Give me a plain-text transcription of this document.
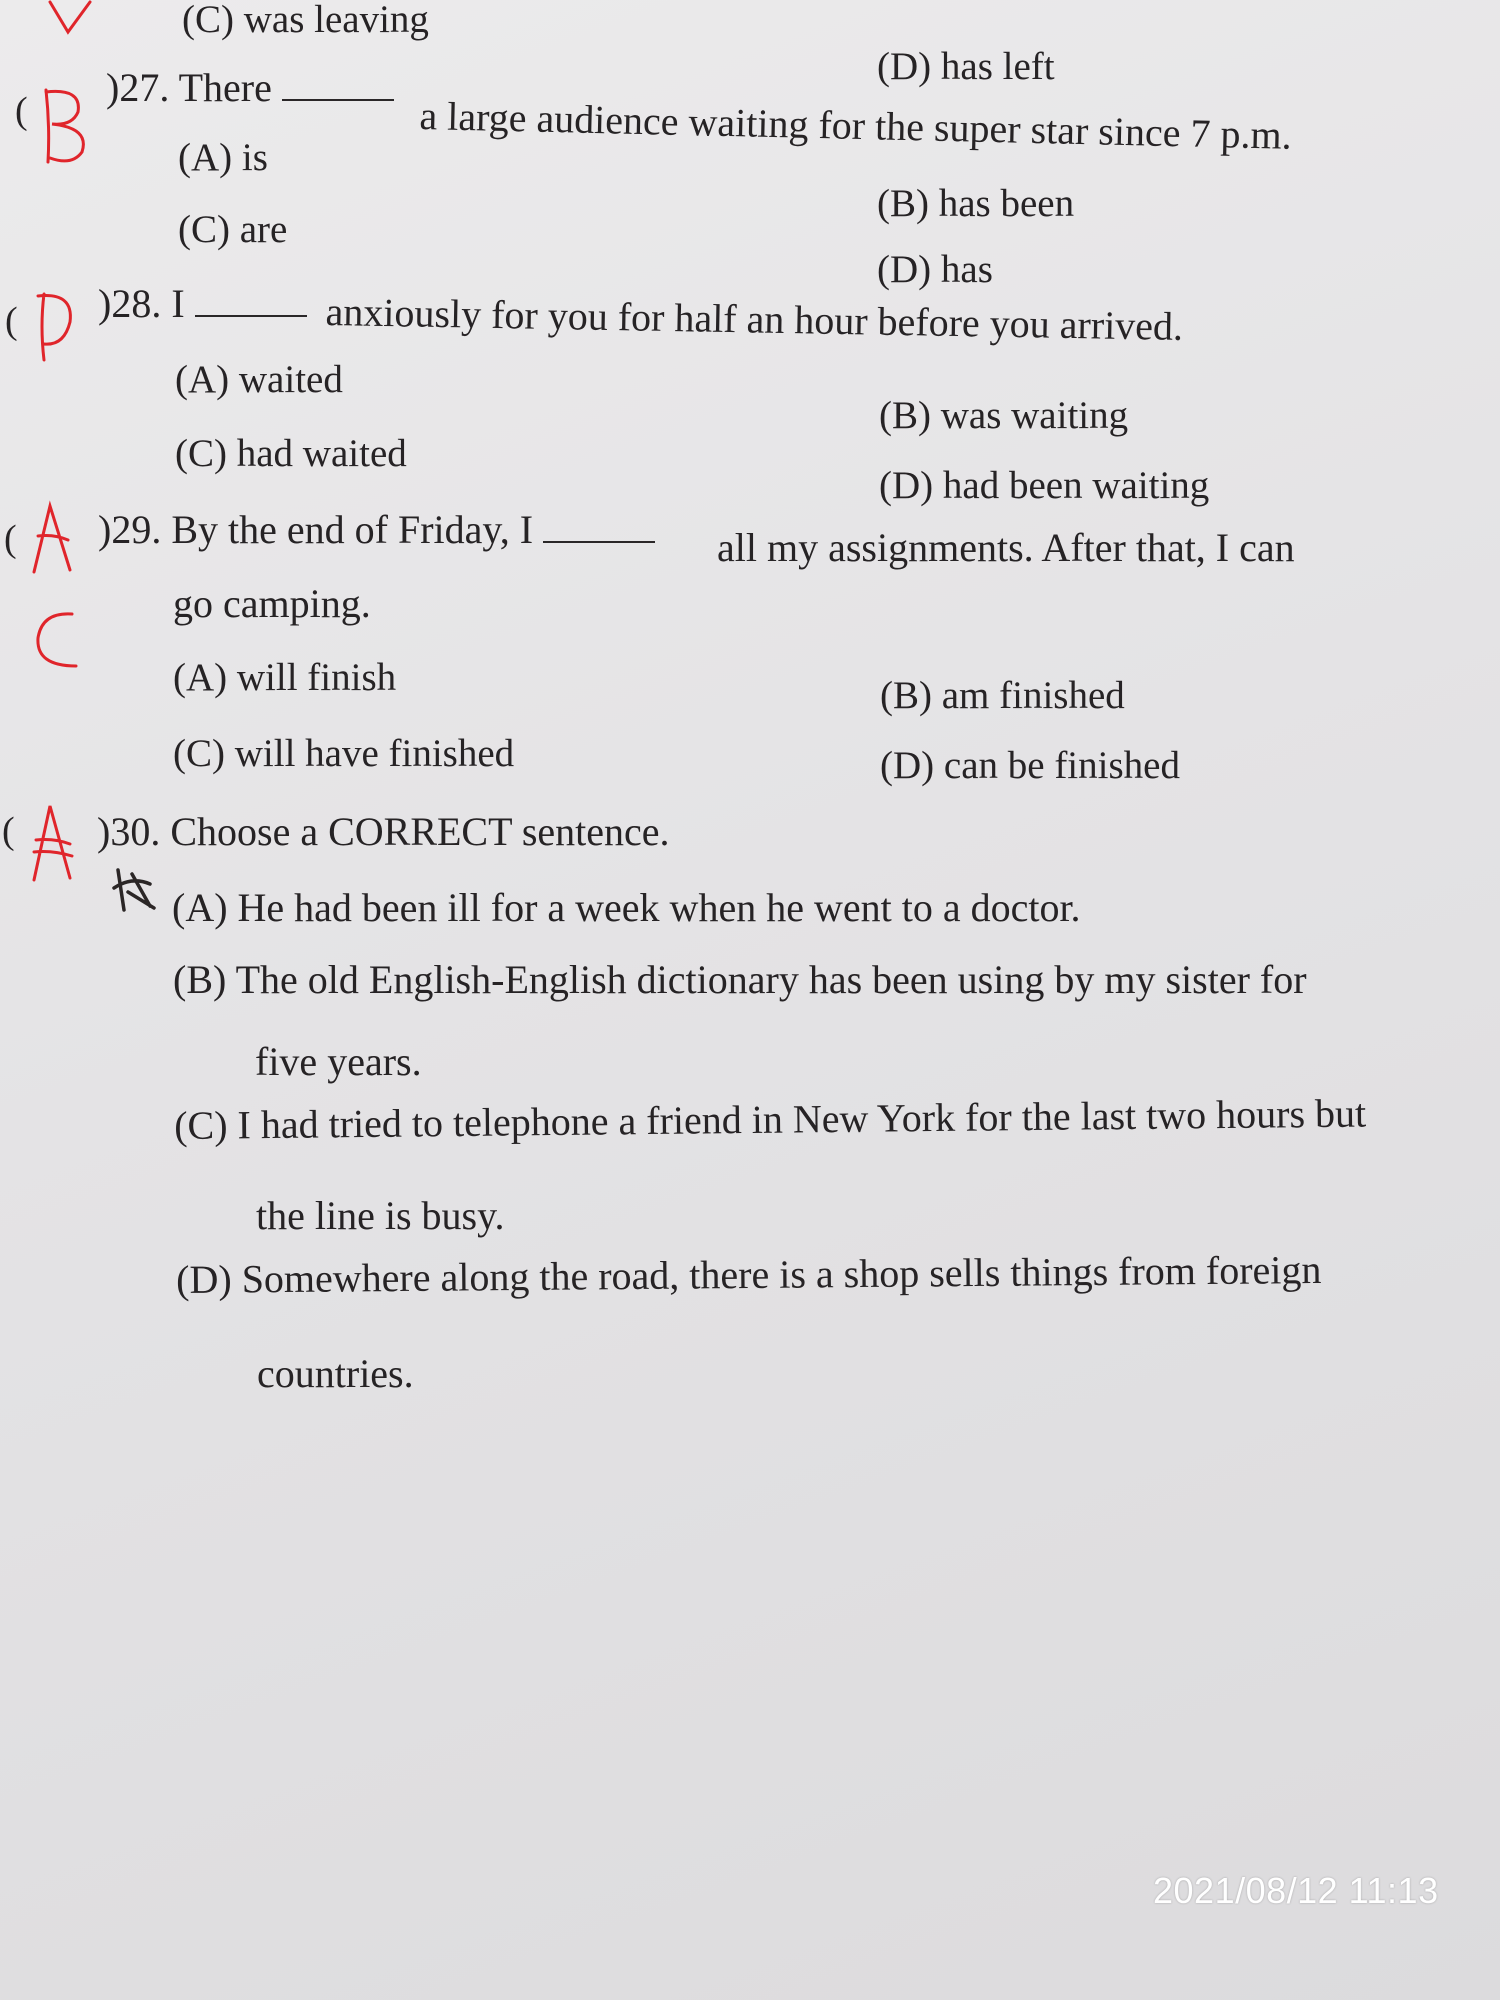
(C) was leaving
(D) has left
(
)27. There
a large audience waiting for the super star since 7 p.m.
(A) is
(B) has been
(C) are
(D) has
( )28. I	anxiously for you for half an hour before you arrived.
(A) waited
(B) was waiting
(C) had waited
(D) had been waiting
( )29. By the end of Friday, I	all my assignments. After that, I can
go camping.
(A) will finish	(B) am finished
(C) will have finished	(D) can be finished
( )30. Choose a CORRECT sentence.
(A) He had been ill for a week when he went to a doctor.
(B) The old English-English dictionary has been using by my sister for
five years.
(C) I had tried to telephone a friend in New York for the last two hours but
the line is busy.
(D) Somewhere along the road, there is a shop sells things from foreign
countries.
2021/08/12 11:13
